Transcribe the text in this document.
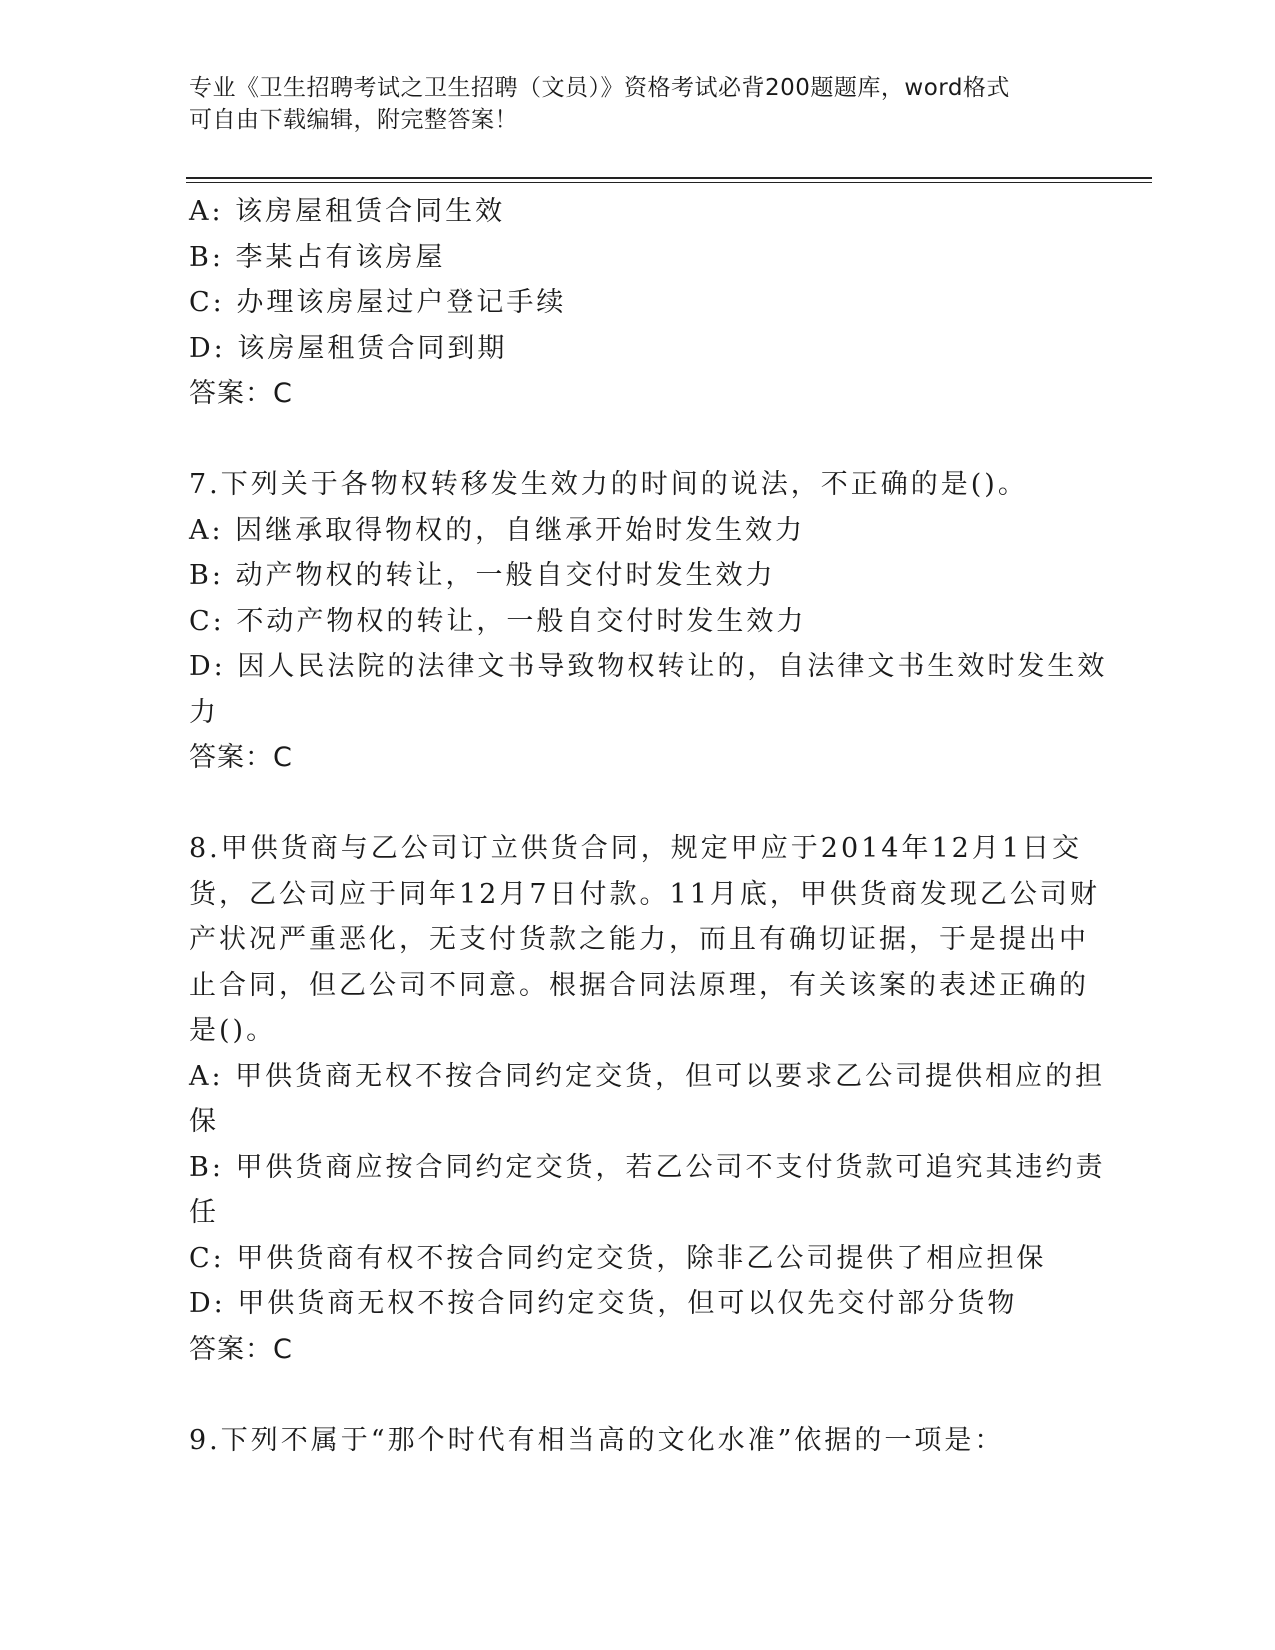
专业《卫生招聘考试之卫生招聘（文员）》资格考试必背200题题库，word格式
可自由下载编辑，附完整答案！
A: 该房屋租赁合同生效
B: 李某占有该房屋
C: 办理该房屋过户登记手续
D: 该房屋租赁合同到期
答案：C
7.下列关于各物权转移发生效力的时间的说法，不正确的是()。
A: 因继承取得物权的，自继承开始时发生效力
B: 动产物权的转让，一般自交付时发生效力
C: 不动产物权的转让，一般自交付时发生效力
D: 因人民法院的法律文书导致物权转让的，自法律文书生效时发生效
力
答案：C
8.甲供货商与乙公司订立供货合同，规定甲应于2014年12月1日交
货，乙公司应于同年12月7日付款。11月底，甲供货商发现乙公司财
产状况严重恶化，无支付货款之能力，而且有确切证据，于是提出中
止合同，但乙公司不同意。根据合同法原理，有关该案的表述正确的
是()。
A: 甲供货商无权不按合同约定交货，但可以要求乙公司提供相应的担
保
B: 甲供货商应按合同约定交货，若乙公司不支付货款可追究其违约责
任
C: 甲供货商有权不按合同约定交货，除非乙公司提供了相应担保
D: 甲供货商无权不按合同约定交货，但可以仅先交付部分货物
答案：C
9.下列不属于“那个时代有相当高的文化水准”依据的一项是：
